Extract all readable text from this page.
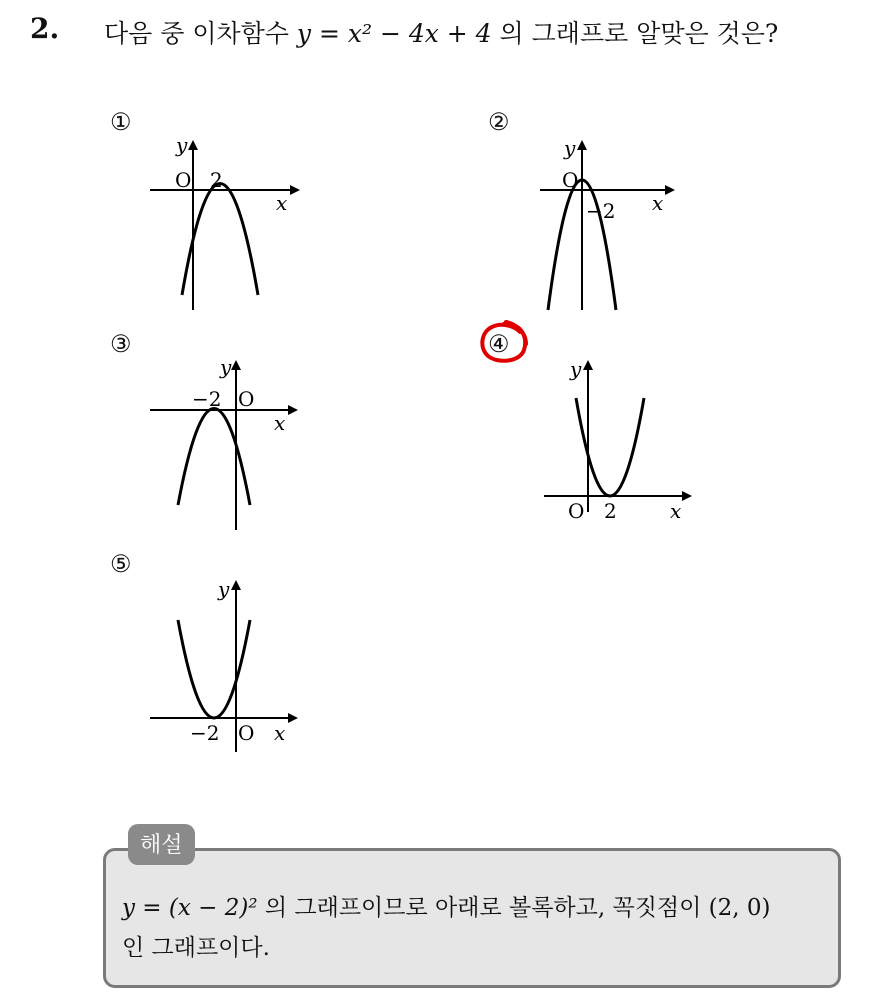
2. 다음 중 이차함수 y = x² − 4x + 4 의 그래프로 알맞은 것은?
①
y
O 2
x
②
y
O
−2 x
③
y
−2 O
x
④
y
O 2	x
⑤
y
−2 O x
해설
y = (x − 2)² 의 그래프이므로 아래로 볼록하고, 꼭짓점이 (2, 0)
인 그래프이다.
